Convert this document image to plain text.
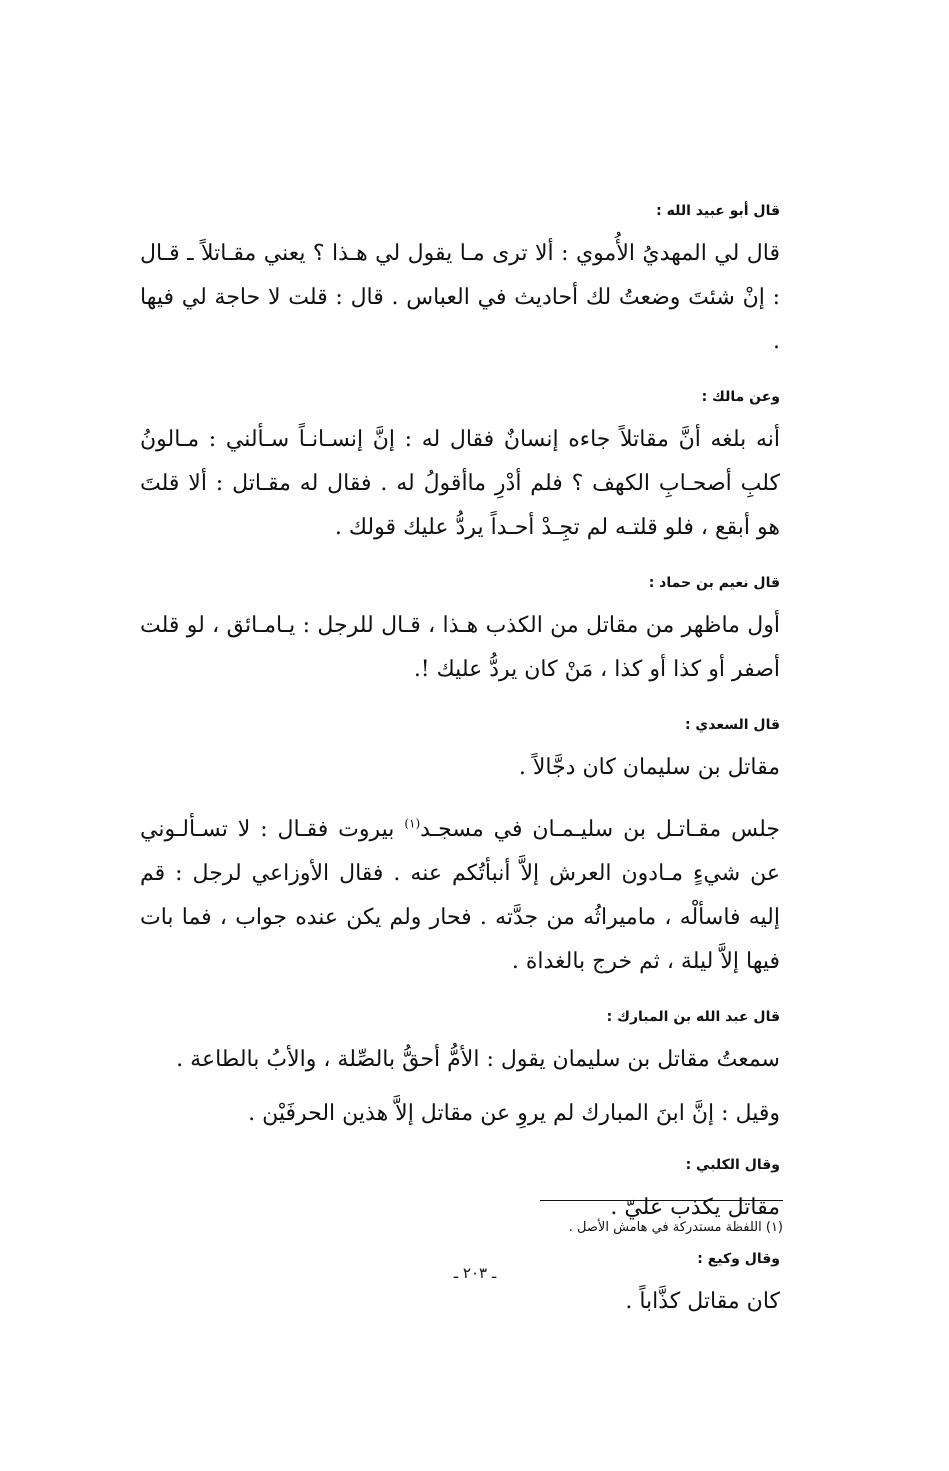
قال أبو عبيد الله :

قال لي المهديُ الأُموي : ألا ترى مـا يقول لي هـذا ؟ يعني مقـاتلاً ـ قـال : إنْ شئتَ وضعتُ لك أحاديث في العباس . قال : قلت لا حاجة لي فيها .

وعن مالك :

أنه بلغه أنَّ مقاتلاً جاءه إنسانٌ فقال له : إنَّ إنسـانـاً سـألني : مـالونُ كلبِ أصحـابِ الكهف ؟ فلم أدْرِ ماأقولُ له . فقال له مقـاتل : ألا قلتَ هو أبقع ، فلو قلتـه لم تجِـدْ أحـداً يردُّ عليك قولك .

قال نعيم بن حماد :

أول ماظهر من مقاتل من الكذب هـذا ، قـال للرجل : يـامـائق ، لو قلت أصفر أو كذا أو كذا ، مَنْ كان يردُّ عليك !.

قال السعدي :

مقاتل بن سليمان كان دجَّالاً .

جلس مقـاتـل بن سليـمـان في مسجـد$^{(١)}$ بيروت فقـال : لا تسـألـوني عن شيءٍ مـادون العرش إلاَّ أنبأتُكم عنه . فقال الأوزاعي لرجل : قم إليه فاسألْه ، ماميراثُه من جدَّته . فحار ولم يكن عنده جواب ، فما بات فيها إلاَّ ليلة ، ثم خرج بالغداة .

قال عبد الله بن المبارك :

سمعتُ مقاتل بن سليمان يقول : الأمُّ أحقُّ بالصِّلة ، والأبُ بالطاعة .

وقيل : إنَّ ابنَ المبارك لم يروِ عن مقاتل إلاَّ هذين الحرفَيْن .

وقال الكلبي :

مقاتل يكذب عليّ .

وقال وكيع :

كان مقاتل كذَّاباً .

(١) اللفظة مستدركة في هامش الأصل .
ـ ٢٠٣ ـ
